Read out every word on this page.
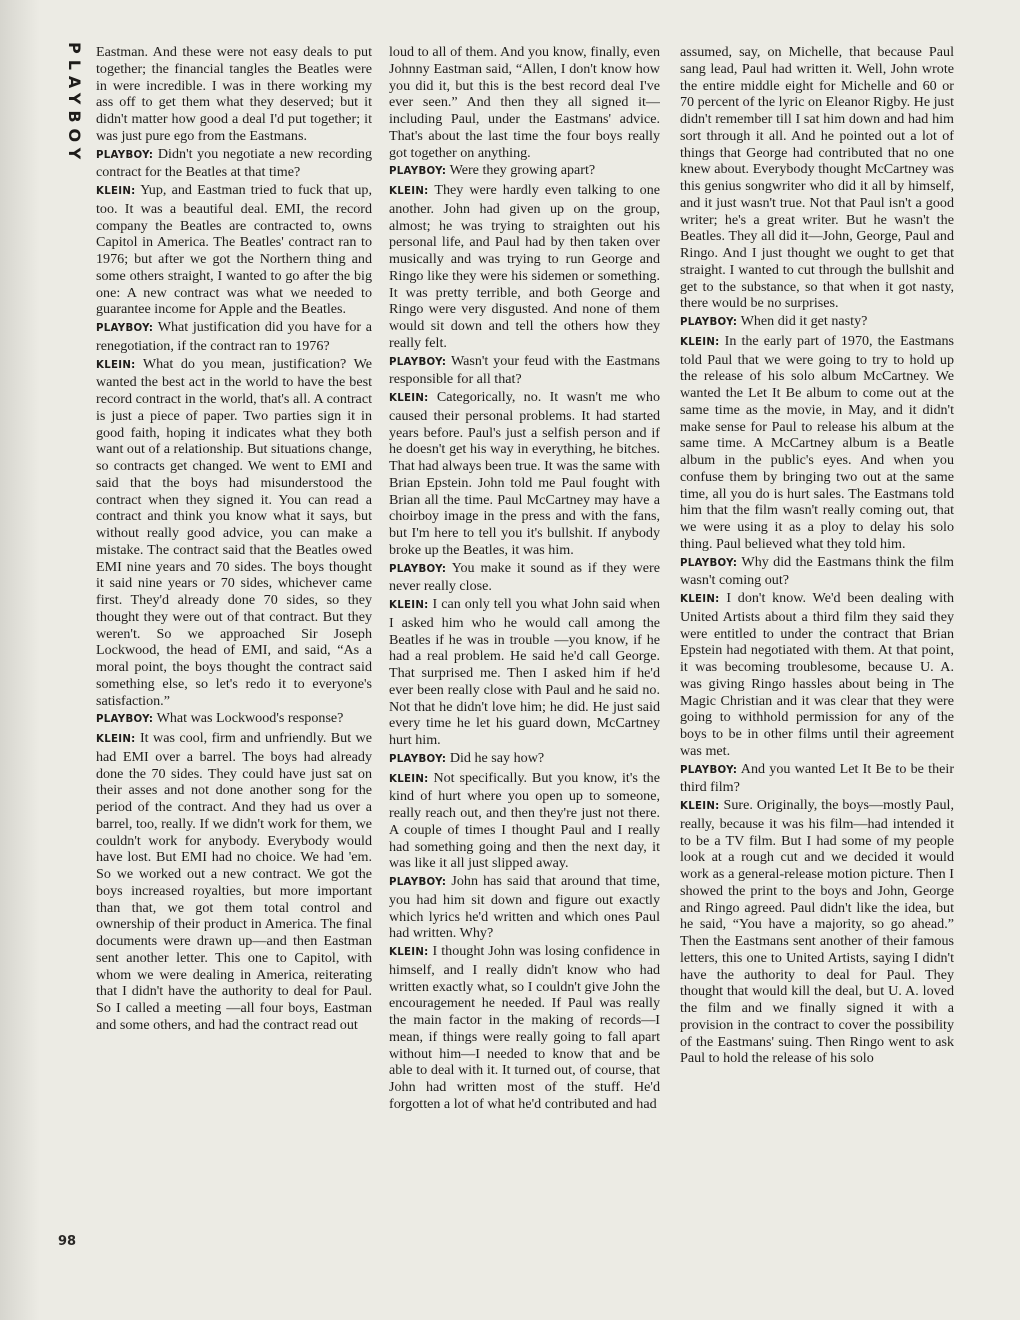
PLAYBOY Eastman. And these were not easy deals to put together; the financial tangles the Beatles were in were incredible. I was in there working my ass off to get them what they deserved; but it didn't matter how good a deal I'd put together; it was just pure ego from the Eastmans.

PLAYBOY : Didn't you negotiate a new recording contract for the Beatles at that time?

KLEIN : Yup, and Eastman tried to fuck that up, too. It was a beautiful deal. EMI, the record company the Beatles are contracted to, owns Capitol in America. The Beatles' contract ran to 1976; but after we got the Northern thing and some others straight, I wanted to go after the big one: A new contract was what we needed to guarantee income for Apple and the Beatles.

PLAYBOY : What justification did you have for a renegotiation, if the contract ran to 1976?

KLEIN : What do you mean, justification? We wanted the best act in the world to have the best record contract in the world, that's all. A contract is just a piece of paper. Two parties sign it in good faith, hoping it indicates what they both want out of a relationship. But situations change, so contracts get changed. We went to EMI and said that the boys had misunderstood the contract when they signed it. You can read a contract and think you know what it says, but without really good advice, you can make a mistake. The contract said that the Beatles owed EMI nine years and 70 sides. The boys thought it said nine years or 70 sides, whichever came first. They'd already done 70 sides, so they thought they were out of that contract. But they weren't. So we approached Sir Joseph Lockwood, the head of EMI, and said, “As a moral point, the boys thought the contract said something else, so let's redo it to everyone's satisfaction.”

PLAYBOY : What was Lockwood's response?

KLEIN : It was cool, firm and unfriendly. But we had EMI over a barrel. The boys had already done the 70 sides. They could have just sat on their asses and not done another song for the period of the contract. And they had us over a barrel, too, really. If we didn't work for them, we couldn't work for anybody. Everybody would have lost. But EMI had no choice. We had 'em. So we worked out a new contract. We got the boys increased royalties, but more important than that, we got them total control and ownership of their product in America. The final documents were drawn up—and then Eastman sent another letter. This one to Capitol, with whom we were dealing in America, reiterating that I didn't have the authority to deal for Paul. So I called a meeting —all four boys, Eastman and some others, and had the contract read out

loud to all of them. And you know, finally, even Johnny Eastman said, “Allen, I don't know how you did it, but this is the best record deal I've ever seen.” And then they all signed it—including Paul, under the Eastmans' advice. That's about the last time the four boys really got together on anything.

PLAYBOY : Were they growing apart?

KLEIN : They were hardly even talking to one another. John had given up on the group, almost; he was trying to straighten out his personal life, and Paul had by then taken over musically and was trying to run George and Ringo like they were his sidemen or something. It was pretty terrible, and both George and Ringo were very disgusted. And none of them would sit down and tell the others how they really felt.

PLAYBOY : Wasn't your feud with the Eastmans responsible for all that?

KLEIN : Categorically, no. It wasn't me who caused their personal problems. It had started years before. Paul's just a selfish person and if he doesn't get his way in everything, he bitches. That had always been true. It was the same with Brian Epstein. John told me Paul fought with Brian all the time. Paul McCartney may have a choirboy image in the press and with the fans, but I'm here to tell you it's bullshit. If anybody broke up the Beatles, it was him.

PLAYBOY : You make it sound as if they were never really close.

KLEIN : I can only tell you what John said when I asked him who he would call among the Beatles if he was in trouble —you know, if he had a real problem. He said he'd call George. That surprised me. Then I asked him if he'd ever been really close with Paul and he said no. Not that he didn't love him; he did. He just said every time he let his guard down, McCartney hurt him.

PLAYBOY : Did he say how?

KLEIN : Not specifically. But you know, it's the kind of hurt where you open up to someone, really reach out, and then they're just not there. A couple of times I thought Paul and I really had something going and then the next day, it was like it all just slipped away.

PLAYBOY : John has said that around that time, you had him sit down and figure out exactly which lyrics he'd written and which ones Paul had written. Why?

KLEIN : I thought John was losing confidence in himself, and I really didn't know who had written exactly what, so I couldn't give John the encouragement he needed. If Paul was really the main factor in the making of records—I mean, if things were really going to fall apart without him—I needed to know that and be able to deal with it. It turned out, of course, that John had written most of the stuff. He'd forgotten a lot of what he'd contributed and had

assumed, say, on Michelle, that because Paul sang lead, Paul had written it. Well, John wrote the entire middle eight for Michelle and 60 or 70 percent of the lyric on Eleanor Rigby. He just didn't remember till I sat him down and had him sort through it all. And he pointed out a lot of things that George had contributed that no one knew about. Everybody thought McCartney was this genius songwriter who did it all by himself, and it just wasn't true. Not that Paul isn't a good writer; he's a great writer. But he wasn't the Beatles. They all did it—John, George, Paul and Ringo. And I just thought we ought to get that straight. I wanted to cut through the bullshit and get to the substance, so that when it got nasty, there would be no surprises.

PLAYBOY : When did it get nasty?

KLEIN : In the early part of 1970, the Eastmans told Paul that we were going to try to hold up the release of his solo album McCartney. We wanted the Let It Be album to come out at the same time as the movie, in May, and it didn't make sense for Paul to release his album at the same time. A McCartney album is a Beatle album in the public's eyes. And when you confuse them by bringing two out at the same time, all you do is hurt sales. The Eastmans told him that the film wasn't really coming out, that we were using it as a ploy to delay his solo thing. Paul believed what they told him.

PLAYBOY : Why did the Eastmans think the film wasn't coming out?

KLEIN : I don't know. We'd been dealing with United Artists about a third film they said they were entitled to under the contract that Brian Epstein had negotiated with them. At that point, it was becoming troublesome, because U. A. was giving Ringo hassles about being in The Magic Christian and it was clear that they were going to withhold permission for any of the boys to be in other films until their agreement was met.

PLAYBOY : And you wanted Let It Be to be their third film?

KLEIN : Sure. Originally, the boys—mostly Paul, really, because it was his film—had intended it to be a TV film. But I had some of my people look at a rough cut and we decided it would work as a general-release motion picture. Then I showed the print to the boys and John, George and Ringo agreed. Paul didn't like the idea, but he said, “You have a majority, so go ahead.” Then the Eastmans sent another of their famous letters, this one to United Artists, saying I didn't have the authority to deal for Paul. They thought that would kill the deal, but U. A. loved the film and we finally signed it with a provision in the contract to cover the possibility of the Eastmans' suing. Then Ringo went to ask Paul to hold the release of his solo

98
